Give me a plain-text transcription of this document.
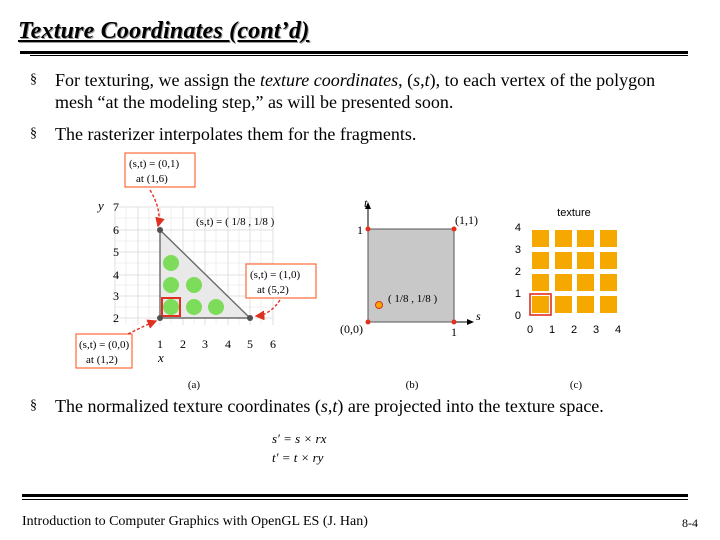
Texture Coordinates (cont’d)
§ For texturing, we assign the texture coordinates, (s,t), to each vertex of the polygon mesh “at the modeling step,” as will be presented soon.
§ The rasterizer interpolates them for the fragments.
y 7
6
5
4
3
2
1 2 3 4 5 6
x
(a)
(s,t) = (0,1)
at (1,6)
(s,t) = ( 1/8 , 1/8 )
(s,t) = (1,0)
at (5,2)
(s,t) = (0,0)
at (1,2)
t
s
(1,1)
(0,0)
1
1
( 1/8 , 1/8 )
(b)
texture
4
3
2
1
0
0 1 2 3 4
(c)
§ The normalized texture coordinates (s,t) are projected into the texture space.
s′ = s × rx
t′ = t × ry
Introduction to Computer Graphics with OpenGL ES (J. Han)	8-4
